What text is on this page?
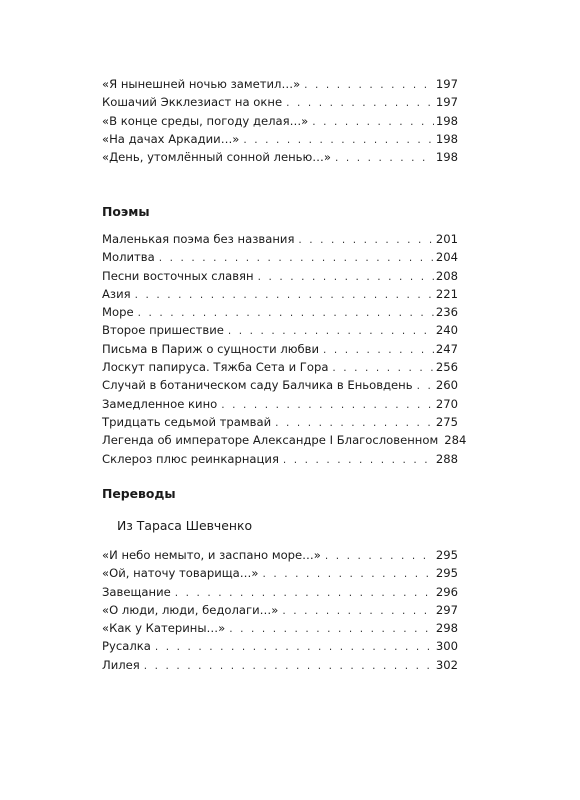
«Я нынешней ночью заметил…» . . .	197
Кошачий Экклезиаст на окне . . .	197
«В конце среды, погоду делая…» . . .	198
«На дачах Аркадии…» . . .	198
«День, утомлённый сонной ленью…» . . .	198
Поэмы
Маленькая поэма без названия . . .	201
Молитва . . .	204
Песни восточных славян . . .	208
Азия . . .	221
Море . . .	236
Второе пришествие . . .	240
Письма в Париж о сущности любви . . .	247
Лоскут папируса. Тяжба Сета и Гора . . .	256
Случай в ботаническом саду Балчика в Еньовдень . . .	260
Замедленное кино . . .	270
Тридцать седьмой трамвай . . .	275
Легенда об императоре Александре I Благословенном 284
Склероз плюс реинкарнация . . .	288
Переводы
Из Тараса Шевченко
«И небо немыто, и заспано море…» . . .	295
«Ой, наточу товарища…» . . .	295
Завещание . . .	296
«О люди, люди, бедолаги…» . . .	297
«Как у Катерины…» . . .	298
Русалка . . .	300
Лилея . . .	302
